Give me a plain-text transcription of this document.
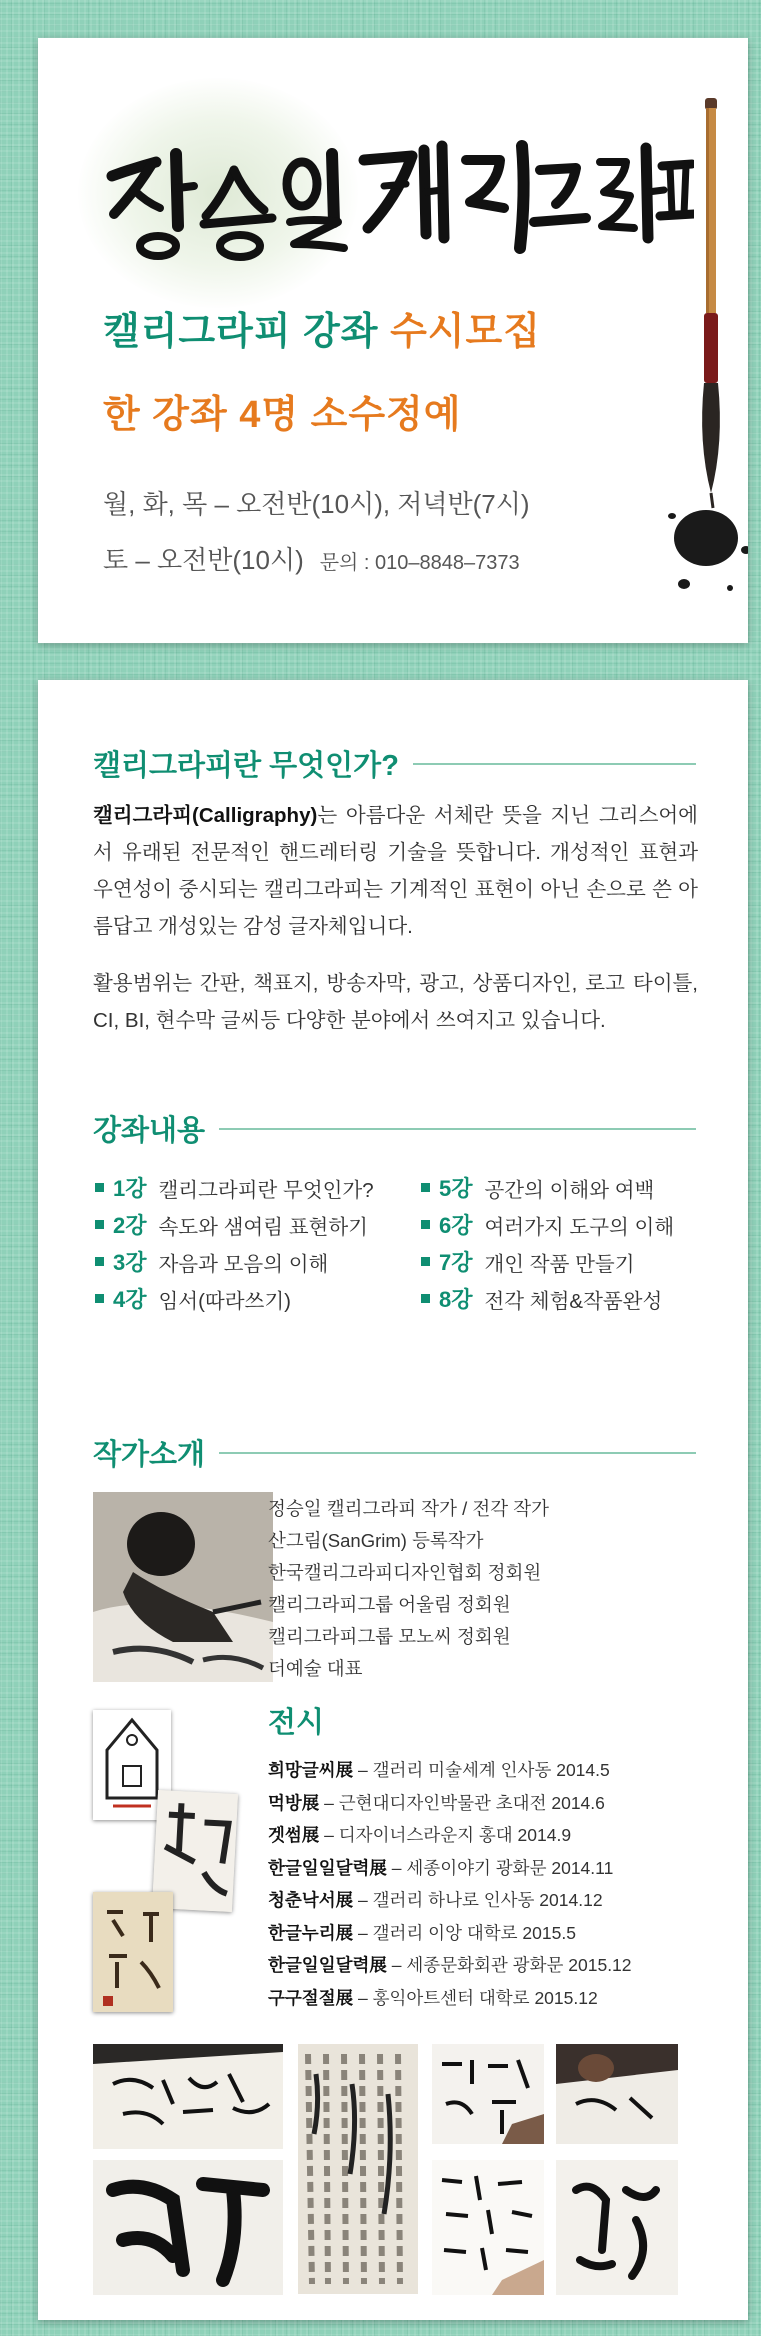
캘리그라피 강좌 수시모집
한 강좌 4명 소수정예
월, 화, 목 – 오전반(10시), 저녁반(7시)
토 – 오전반(10시) 문의 : 010–8848–7373
캘리그라피란 무엇인가?
캘리그라피(Calligraphy)는 아름다운 서체란 뜻을 지닌 그리스어에서 유래된 전문적인 핸드레터링 기술을 뜻합니다. 개성적인 표현과 우연성이 중시되는 캘리그라피는 기계적인 표현이 아닌 손으로 쓴 아름답고 개성있는 감성 글자체입니다.
활용범위는 간판, 책표지, 방송자막, 광고, 상품디자인, 로고 타이틀, CI, BI, 현수막 글씨등 다양한 분야에서 쓰여지고 있습니다.
강좌내용
1강 캘리그라피란 무엇인가?
2강 속도와 샘여림 표현하기
3강 자음과 모음의 이해
4강 임서(따라쓰기)
5강 공간의 이해와 여백
6강 여러가지 도구의 이해
7강 개인 작품 만들기
8강 전각 체험&작품완성
작가소개
정승일 캘리그라피 작가 / 전각 작가
산그림(SanGrim) 등록작가
한국캘리그라피디자인협회 정회원
캘리그라피그룹 어울림 정회원
캘리그라피그룹 모노씨 정회원
더예술 대표
전시
희망글씨展 – 갤러리 미술세계 인사동 2014.5
먹방展 – 근현대디자인박물관 초대전 2014.6
겟썸展 – 디자이너스라운지 홍대 2014.9
한글일일달력展 – 세종이야기 광화문 2014.11
청춘낙서展 – 갤러리 하나로 인사동 2014.12
한글누리展 – 갤러리 이앙 대학로 2015.5
한글일일달력展 – 세종문화회관 광화문 2015.12
구구절절展 – 홍익아트센터 대학로 2015.12
